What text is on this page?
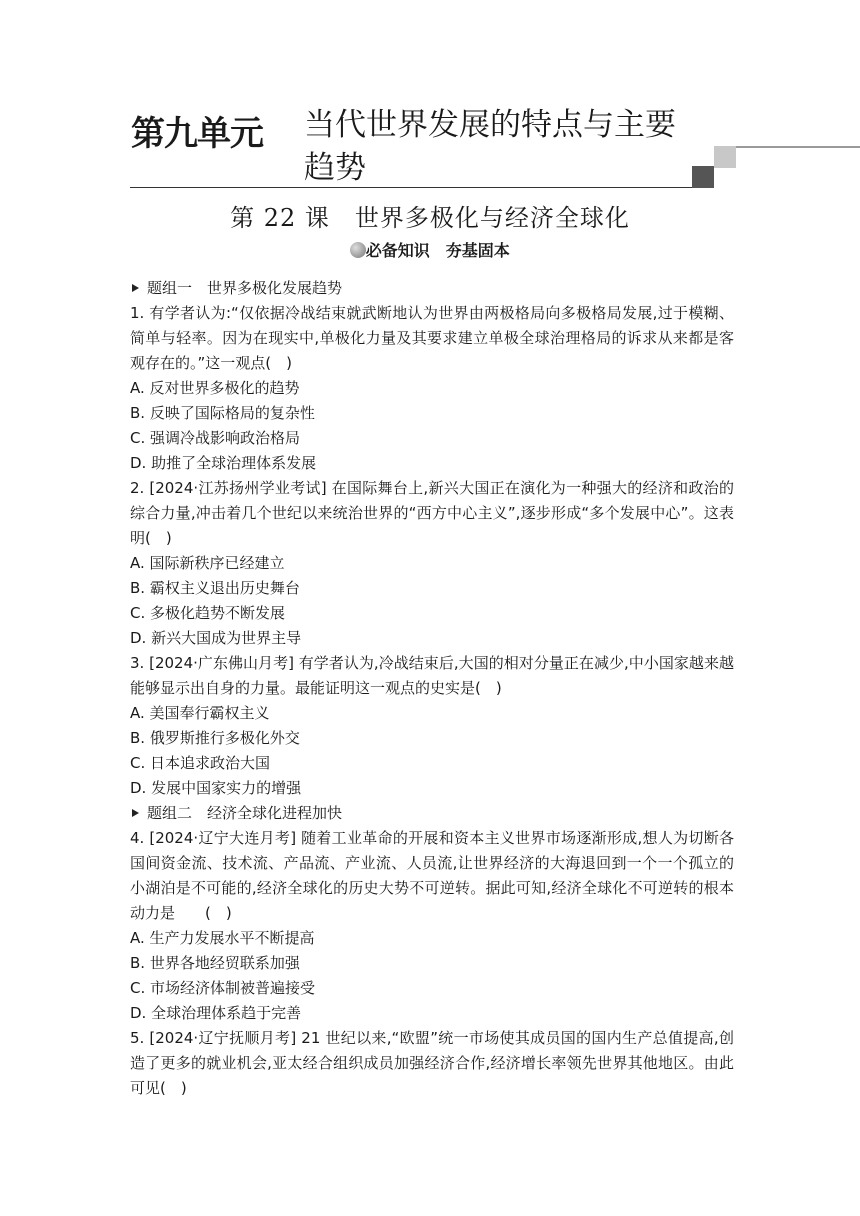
第九单元 当代世界发展的特点与主要趋势
第 22 课　世界多极化与经济全球化
必备知识　夯基固本
题组一　世界多极化发展趋势
1. 有学者认为:“仅依据冷战结束就武断地认为世界由两极格局向多极格局发展,过于模糊、简单与轻率。因为在现实中,单极化力量及其要求建立单极全球治理格局的诉求从来都是客观存在的。”这一观点(　)
A. 反对世界多极化的趋势
B. 反映了国际格局的复杂性
C. 强调冷战影响政治格局
D. 助推了全球治理体系发展
2. [2024·江苏扬州学业考试] 在国际舞台上,新兴大国正在演化为一种强大的经济和政治的综合力量,冲击着几个世纪以来统治世界的“西方中心主义”,逐步形成“多个发展中心”。这表明(　)
A. 国际新秩序已经建立
B. 霸权主义退出历史舞台
C. 多极化趋势不断发展
D. 新兴大国成为世界主导
3. [2024·广东佛山月考] 有学者认为,冷战结束后,大国的相对分量正在减少,中小国家越来越能够显示出自身的力量。最能证明这一观点的史实是(　)
A. 美国奉行霸权主义
B. 俄罗斯推行多极化外交
C. 日本追求政治大国
D. 发展中国家实力的增强
题组二　经济全球化进程加快
4. [2024·辽宁大连月考] 随着工业革命的开展和资本主义世界市场逐渐形成,想人为切断各国间资金流、技术流、产品流、产业流、人员流,让世界经济的大海退回到一个一个孤立的小湖泊是不可能的,经济全球化的历史大势不可逆转。据此可知,经济全球化不可逆转的根本动力是　　(　)
A. 生产力发展水平不断提高
B. 世界各地经贸联系加强
C. 市场经济体制被普遍接受
D. 全球治理体系趋于完善
5. [2024·辽宁抚顺月考] 21 世纪以来,“欧盟”统一市场使其成员国的国内生产总值提高,创造了更多的就业机会,亚太经合组织成员加强经济合作,经济增长率领先世界其他地区。由此可见(　)
